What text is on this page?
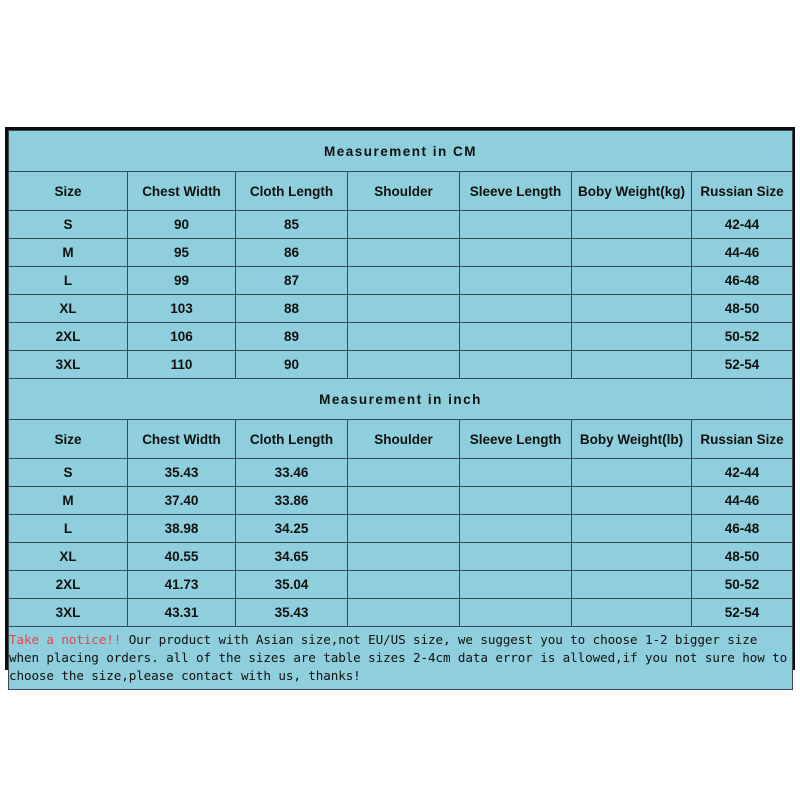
Measurement in CM						
Size	Chest Width	Cloth Length	Shoulder	Sleeve Length	Boby Weight(kg)	Russian Size
S	90	85				42-44
M	95	86				44-46
L	99	87				46-48
XL	103	88				48-50
2XL	106	89				50-52
3XL	110	90				52-54
Measurement in inch						
Size	Chest Width	Cloth Length	Shoulder	Sleeve Length	Boby Weight(lb)	Russian Size
S	35.43	33.46				42-44
M	37.40	33.86				44-46
L	38.98	34.25				46-48
XL	40.55	34.65				48-50
2XL	41.73	35.04				50-52
3XL	43.31	35.43				52-54

Take a notice!! Our product with Asian size,not EU/US size, we suggest you to choose 1-2 bigger size when placing orders. all of the sizes are table sizes 2-4cm data error is allowed,if you not sure how to choose the size,please contact with us, thanks!						
